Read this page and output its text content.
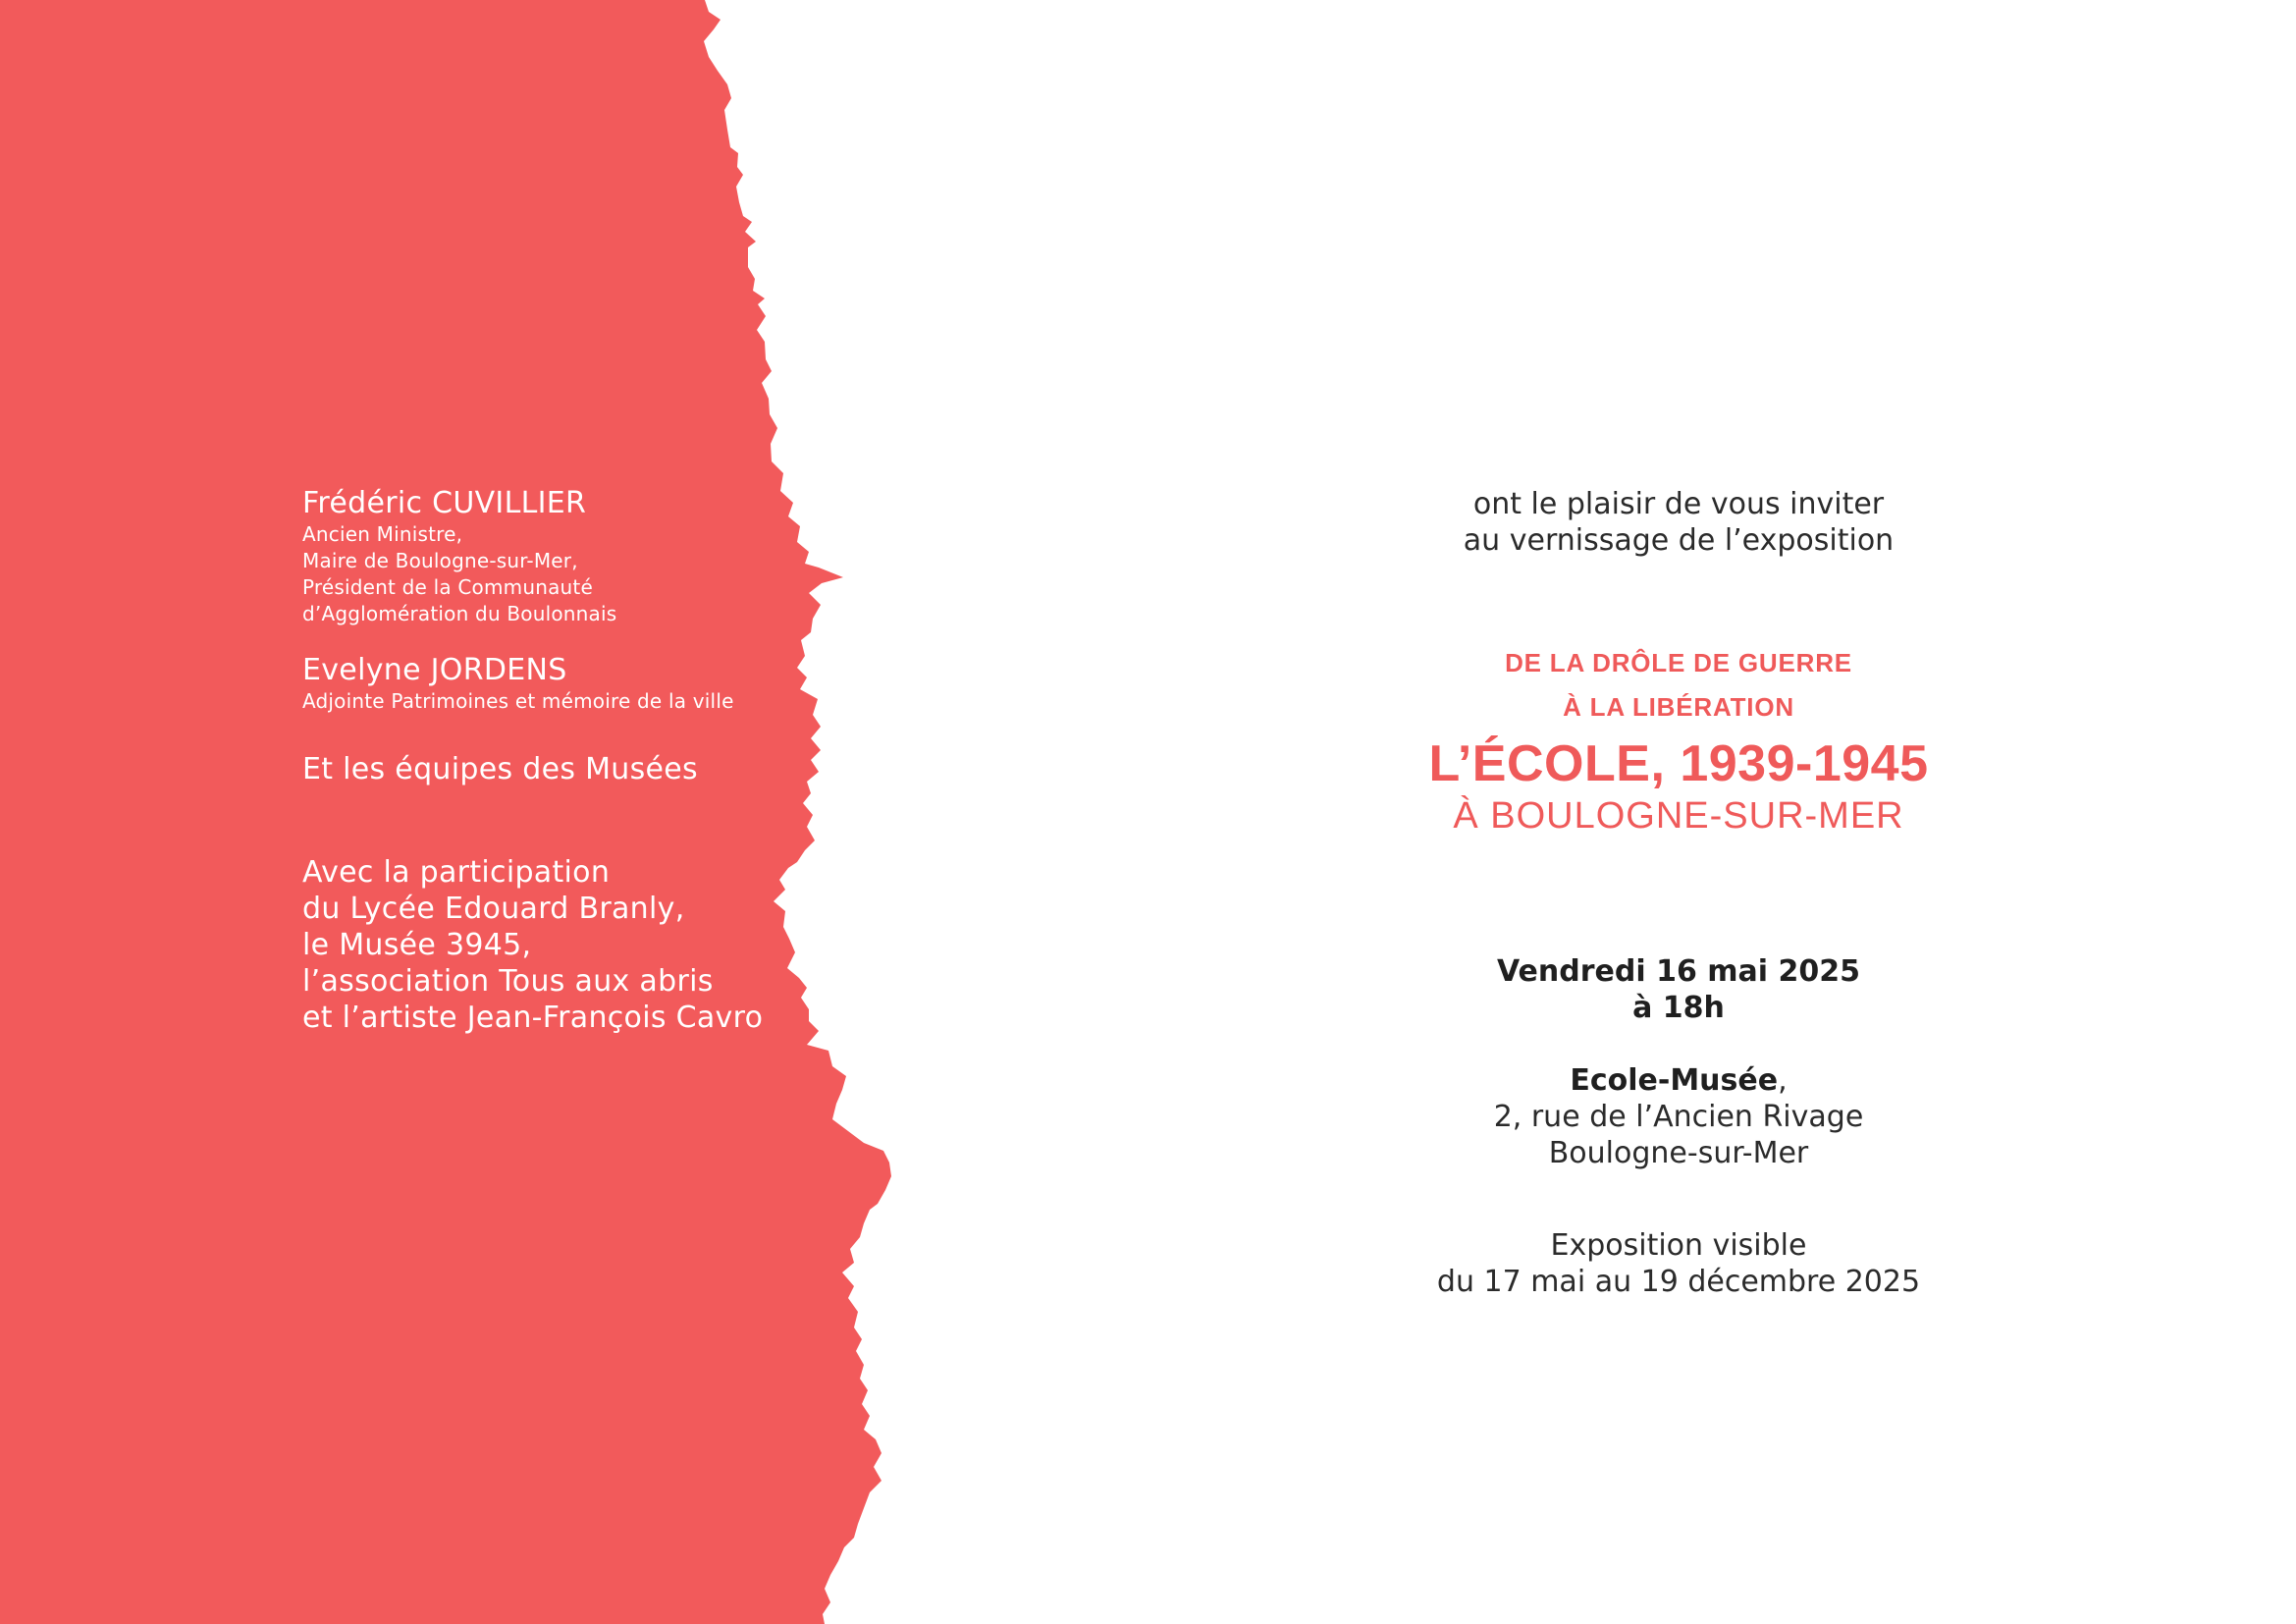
Frédéric CUVILLIER

Ancien Ministre,

Maire de Boulogne-sur-Mer,

Président de la Communauté

d’Agglomération du Boulonnais

Evelyne JORDENS

Adjointe Patrimoines et mémoire de la ville

Et les équipes des Musées

Avec la participation
du Lycée Edouard Branly,
le Musée 3945,
l’association Tous aux abris
et l’artiste Jean-François Cavro

ont le plaisir de vous inviter

au vernissage de l’exposition

DE LA DRÔLE DE GUERRE
À LA LIBÉRATION
L’ÉCOLE, 1939-1945
À BOULOGNE-SUR-MER
Vendredi 16 mai 2025
à 18h
Ecole-Musée,
2, rue de l’Ancien Rivage
Boulogne-sur-Mer
Exposition visible
du 17 mai au 19 décembre 2025
